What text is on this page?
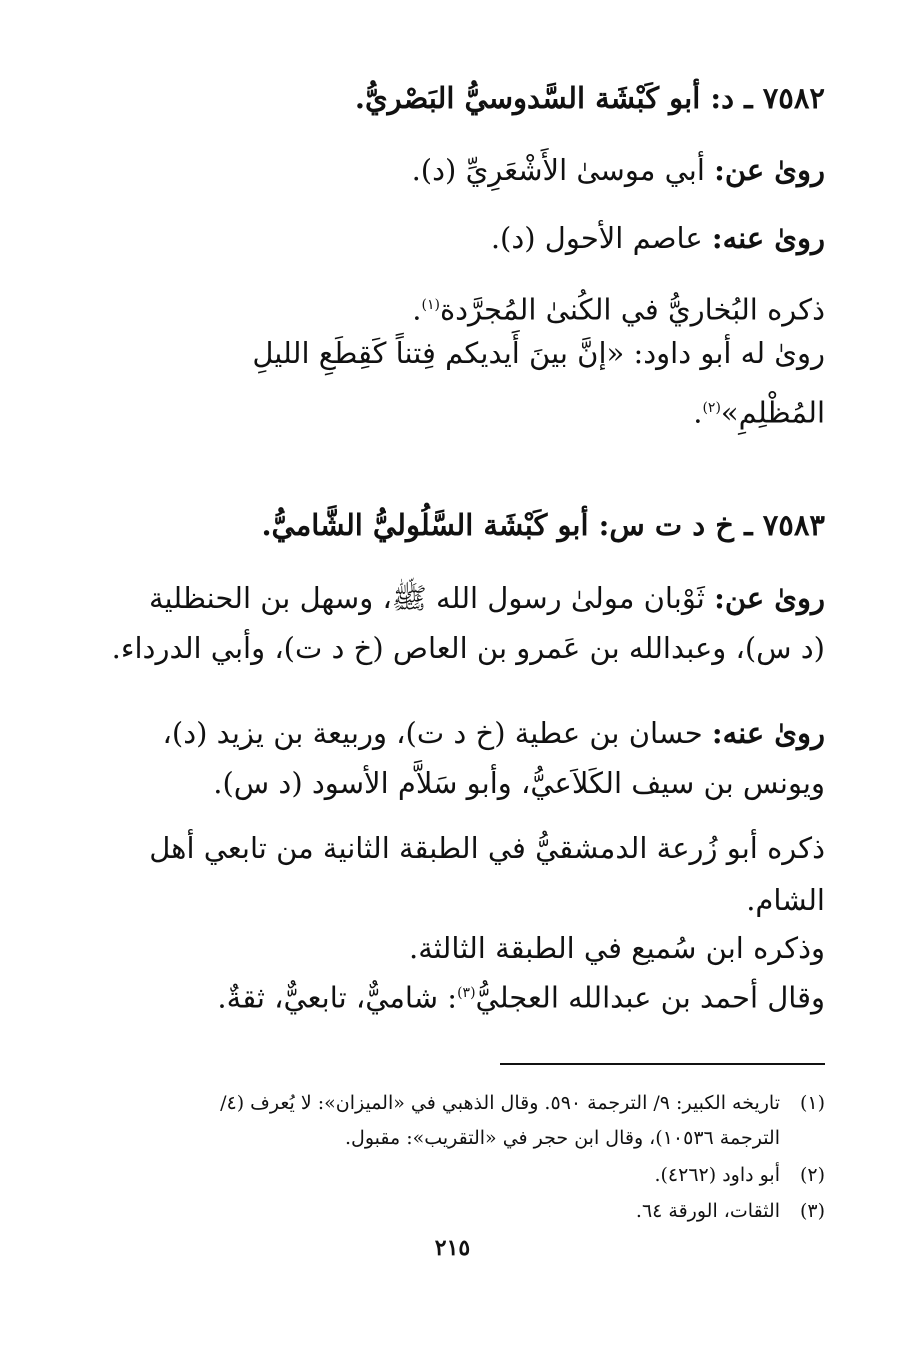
٧٥٨٢ ـ د: أبو كَبْشَة السَّدوسيُّ البَصْريُّ.
روىٰ عن: أبي موسىٰ الأَشْعَرِيِّ (د).
روىٰ عنه: عاصم الأحول (د).
ذكره البُخاريُّ في الكُنىٰ المُجرَّدة$^{(١)}$.
روىٰ له أبو داود: «إنَّ بينَ أَيديكم فِتناً كَقِطَعِ الليلِ
المُظْلِمِ»$^{(٢)}$.
٧٥٨٣ ـ خ د ت س: أبو كَبْشَة السَّلُوليُّ الشَّاميُّ.
روىٰ عن: ثَوْبان مولىٰ رسول الله ﷺ، وسهل بن الحنظلية
(د س)، وعبدالله بن عَمرو بن العاص (خ د ت)، وأبي الدرداء.
روىٰ عنه: حسان بن عطية (خ د ت)، وربيعة بن يزيد (د)،
ويونس بن سيف الكَلاَعيُّ، وأبو سَلاَّم الأسود (د س).
ذكره أبو زُرعة الدمشقيُّ في الطبقة الثانية من تابعي أهل
الشام.
وذكره ابن سُميع في الطبقة الثالثة.
وقال أحمد بن عبدالله العجليُّ$^{(٣)}$: شاميٌّ، تابعيٌّ، ثقةٌ.
(١)تاريخه الكبير: ٩/ الترجمة ٥٩٠. وقال الذهبي في «الميزان»: لا يُعرف (٤/
الترجمة ١٠٥٣٦)، وقال ابن حجر في «التقريب»: مقبول.
(٢)أبو داود (٤٢٦٢).
(٣)الثقات، الورقة ٦٤.
٢١٥
